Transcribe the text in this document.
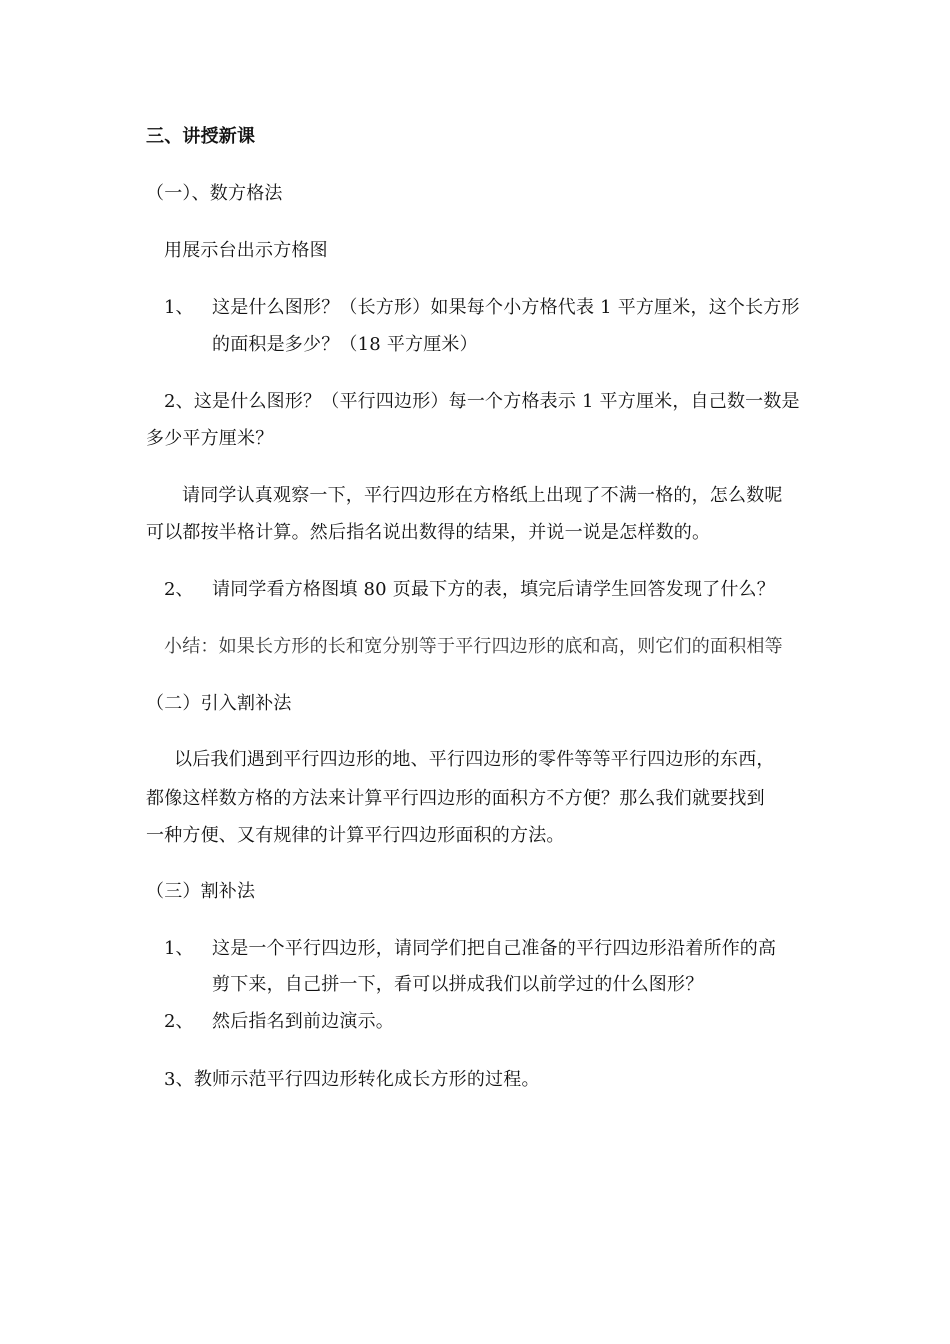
三、讲授新课
（一）、数方格法
用展示台出示方格图
1、 这是什么图形？（长方形）如果每个小方格代表 1 平方厘米，这个长方形
的面积是多少？（18 平方厘米）
2、这是什么图形？（平行四边形）每一个方格表示 1 平方厘米，自己数一数是
多少平方厘米？
请同学认真观察一下，平行四边形在方格纸上出现了不满一格的，怎么数呢
可以都按半格计算。然后指名说出数得的结果，并说一说是怎样数的。
2、 请同学看方格图填 80 页最下方的表，填完后请学生回答发现了什么？
小结：如果长方形的长和宽分别等于平行四边形的底和高，则它们的面积相等
（二）引入割补法
以后我们遇到平行四边形的地、平行四边形的零件等等平行四边形的东西，
都像这样数方格的方法来计算平行四边形的面积方不方便？那么我们就要找到
一种方便、又有规律的计算平行四边形面积的方法。
（三）割补法
1、 这是一个平行四边形，请同学们把自己准备的平行四边形沿着所作的高
剪下来，自己拼一下，看可以拼成我们以前学过的什么图形？
2、 然后指名到前边演示。
3、教师示范平行四边形转化成长方形的过程。
